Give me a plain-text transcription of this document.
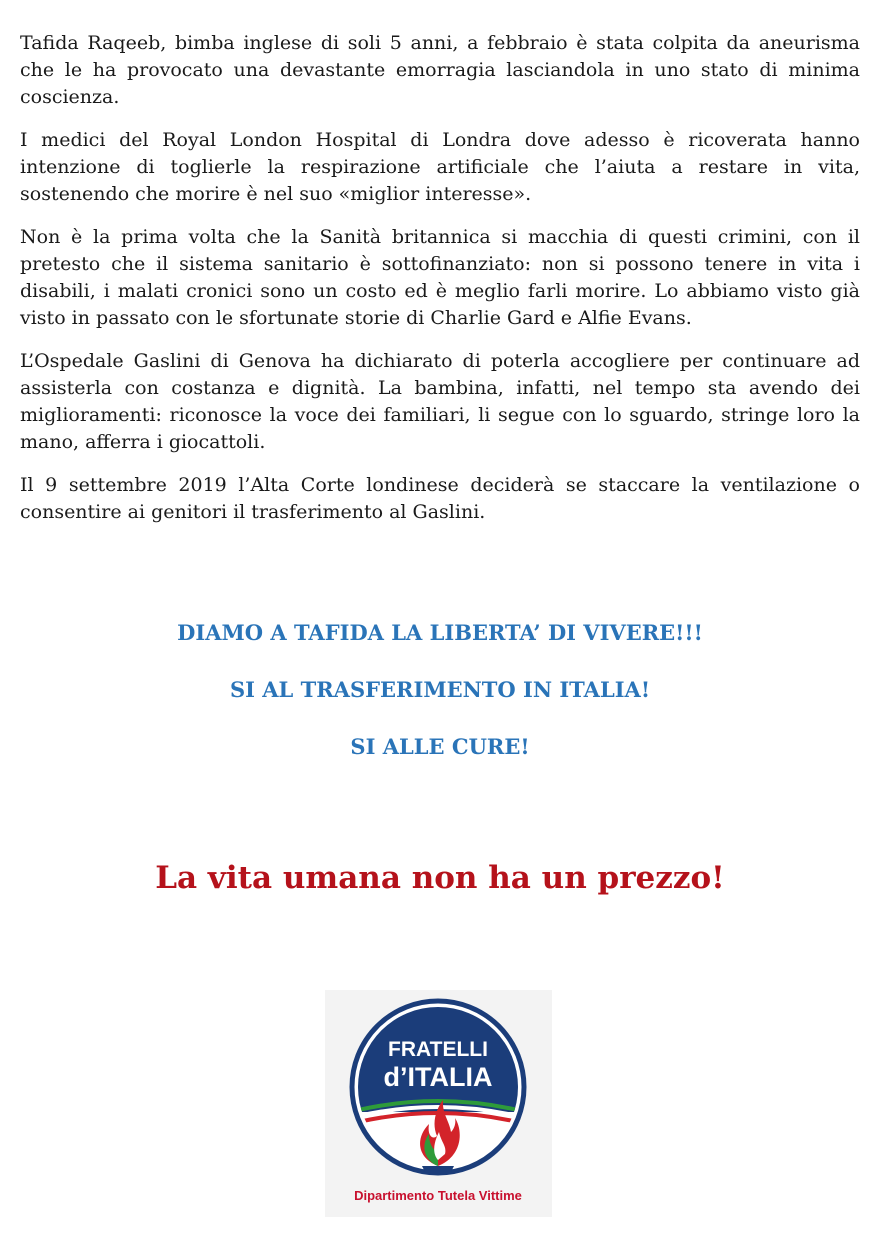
Tafida Raqeeb, bimba inglese di soli 5 anni, a febbraio è stata colpita da aneurisma che le ha provocato una devastante emorragia lasciandola in uno stato di minima coscienza.

I medici del Royal London Hospital di Londra dove adesso è ricoverata hanno intenzione di toglierle la respirazione artificiale che l’aiuta a restare in vita, sostenendo che morire è nel suo «miglior interesse».

Non è la prima volta che la Sanità britannica si macchia di questi crimini, con il pretesto che il sistema sanitario è sottofinanziato: non si possono tenere in vita i disabili, i malati cronici sono un costo ed è meglio farli morire. Lo abbiamo visto già visto in passato con le sfortunate storie di Charlie Gard e Alfie Evans.

L’Ospedale Gaslini di Genova ha dichiarato di poterla accogliere per continuare ad assisterla con costanza e dignità. La bambina, infatti, nel tempo sta avendo dei miglioramenti: riconosce la voce dei familiari, li segue con lo sguardo, stringe loro la mano, afferra i giocattoli.

Il 9 settembre 2019 l’Alta Corte londinese deciderà se staccare la ventilazione o consentire ai genitori il trasferimento al Gaslini.

DIAMO A TAFIDA LA LIBERTA’ DI VIVERE!!!
SI AL TRASFERIMENTO IN ITALIA!
SI ALLE CURE!
La vita umana non ha un prezzo!
FRATELLI
d’ITALIA
Dipartimento Tutela Vittime
